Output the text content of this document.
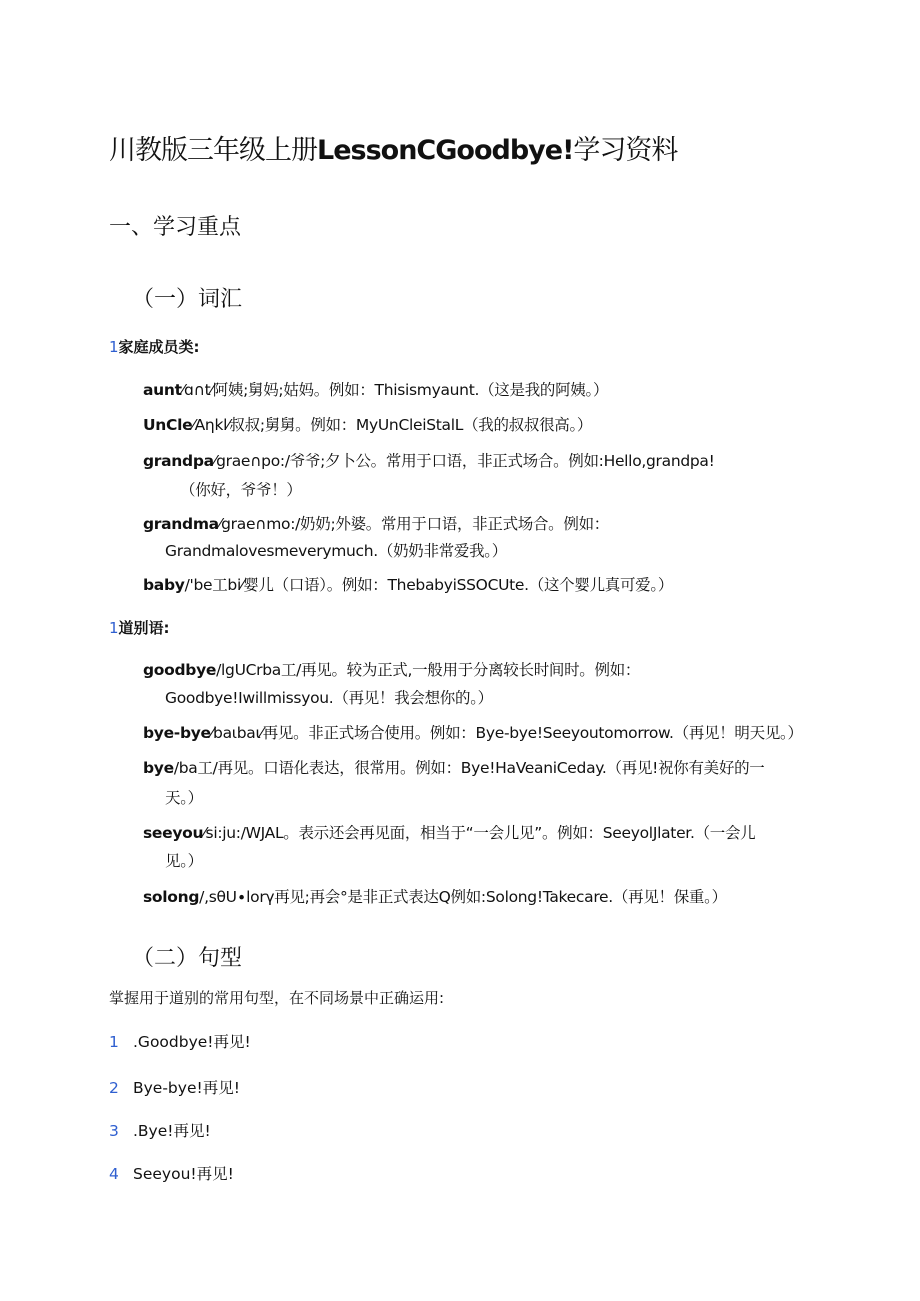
川教版三年级上册LessonCGoodbye!学习资料
一、学习重点
（一）词汇
1家庭成员类:
aunt⁄ɑ∩t⁄阿姨;舅妈;姑妈。例如：Thisismyaunt.（这是我的阿姨。）
UnCle⁄Aηkl⁄叔叔;舅舅。例如：MyUnCleiStalL（我的叔叔很高。）
grandpa⁄grae∩po:/爷爷;夕卜公。常用于口语，非正式场合。例如:Hello,grandpa!
（你好，爷爷！）
grandma⁄grae∩mo:/奶奶;外婆。常用于口语，非正式场合。例如：
Grandmalovesmeverymuch.（奶奶非常爱我。）
baby/'be工bi⁄婴儿（口语）。例如：ThebabyiSSOCUte.（这个婴儿真可爱。）
1道别语:
goodbye/lgUCrba工/再见。较为正式,一般用于分离较长时间时。例如：
Goodbye!Iwillmissyou.（再见！我会想你的。）
bye-bye⁄baιbaι⁄再见。非正式场合使用。例如：Bye-bye!Seeyoutomorrow.（再见！明天见。）
bye/ba工/再见。口语化表达，很常用。例如：Bye!HaVeaniCeday.（再见!祝你有美好的一
天。）
seeyou⁄si:ju:/WJAL。表示还会再见面，相当于“一会儿见”。例如：SeeyolJlater.（一会儿
见。）
solong/,sθU∙lorγ再见;再会°是非正式表达Q例如:Solong!Takecare.（再见！保重。）
（二）句型
掌握用于道别的常用句型，在不同场景中正确运用:
1 .Goodbye!再见!
2 Bye-bye!再见!
3 .Bye!再见!
4 Seeyou!再见!
